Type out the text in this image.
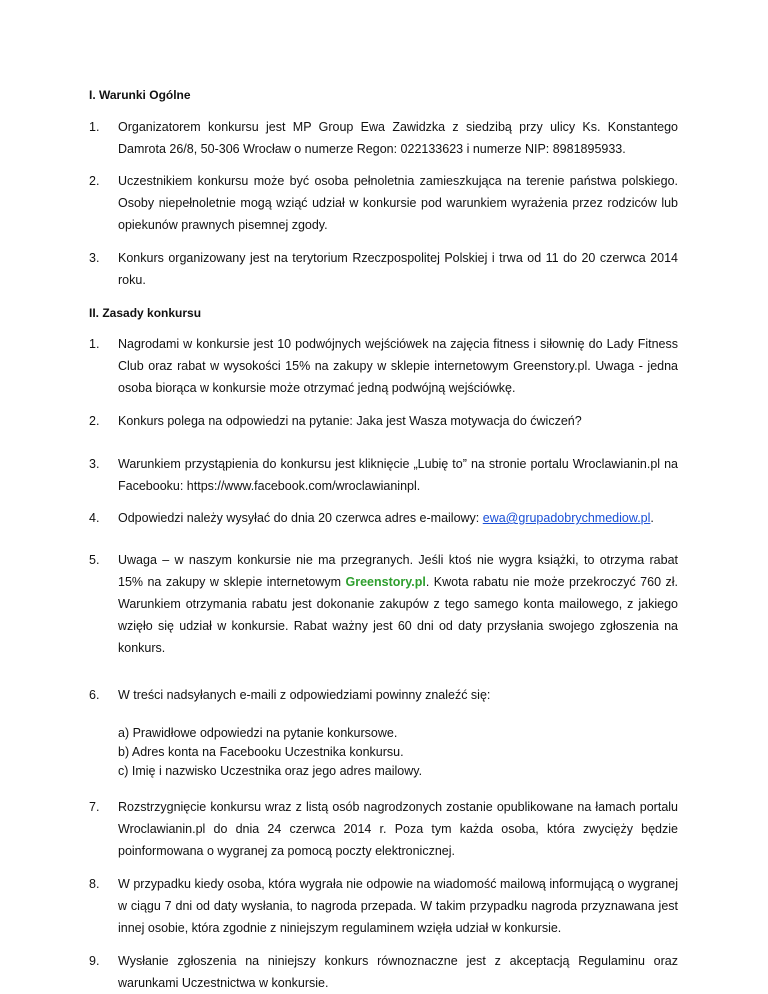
I. Warunki Ogólne
1. Organizatorem konkursu jest MP Group Ewa Zawidzka z siedzibą przy ulicy Ks. Konstantego Damrota 26/8, 50-306 Wrocław o numerze Regon: 022133623 i numerze NIP: 8981895933.
2. Uczestnikiem konkursu może być osoba pełnoletnia zamieszkująca na terenie państwa polskiego. Osoby niepełnoletnie mogą wziąć udział w konkursie pod warunkiem wyrażenia przez rodziców lub opiekunów prawnych pisemnej zgody.
3. Konkurs organizowany jest na terytorium Rzeczpospolitej Polskiej i trwa od 11 do 20 czerwca 2014 roku.
II. Zasady konkursu
1. Nagrodami w konkursie jest 10 podwójnych wejściówek na zajęcia fitness i siłownię do Lady Fitness Club oraz rabat w wysokości 15% na zakupy w sklepie internetowym Greenstory.pl. Uwaga - jedna osoba biorąca w konkursie może otrzymać jedną podwójną wejściówkę.
2. Konkurs polega na odpowiedzi na pytanie: Jaka jest Wasza motywacja do ćwiczeń?
3. Warunkiem przystąpienia do konkursu jest kliknięcie „Lubię to” na stronie portalu Wroclawianin.pl na Facebooku: https://www.facebook.com/wroclawianinpl.
4. Odpowiedzi należy wysyłać do dnia 20 czerwca adres e-mailowy: ewa@grupadobrychmediow.pl.
5. Uwaga – w naszym konkursie nie ma przegranych. Jeśli ktoś nie wygra książki, to otrzyma rabat 15% na zakupy w sklepie internetowym Greenstory.pl. Kwota rabatu nie może przekroczyć 760 zł. Warunkiem otrzymania rabatu jest dokonanie zakupów z tego samego konta mailowego, z jakiego wzięło się udział w konkursie. Rabat ważny jest 60 dni od daty przysłania swojego zgłoszenia na konkurs.
6. W treści nadsyłanych e-maili z odpowiedziami powinny znaleźć się:
a) Prawidłowe odpowiedzi na pytanie konkursowe.
b) Adres konta na Facebooku Uczestnika konkursu.
c) Imię i nazwisko Uczestnika oraz jego adres mailowy.
7. Rozstrzygnięcie konkursu wraz z listą osób nagrodzonych zostanie opublikowane na łamach portalu Wroclawianin.pl do dnia 24 czerwca 2014 r. Poza tym każda osoba, która zwycięży będzie poinformowana o wygranej za pomocą poczty elektronicznej.
8. W przypadku kiedy osoba, która wygrała nie odpowie na wiadomość mailową informującą o wygranej w ciągu 7 dni od daty wysłania, to nagroda przepada. W takim przypadku nagroda przyznawana jest innej osobie, która zgodnie z niniejszym regulaminem wzięła udział w konkursie.
9. Wysłanie zgłoszenia na niniejszy konkurs równoznaczne jest z akceptacją Regulaminu oraz warunkami Uczestnictwa w konkursie.
